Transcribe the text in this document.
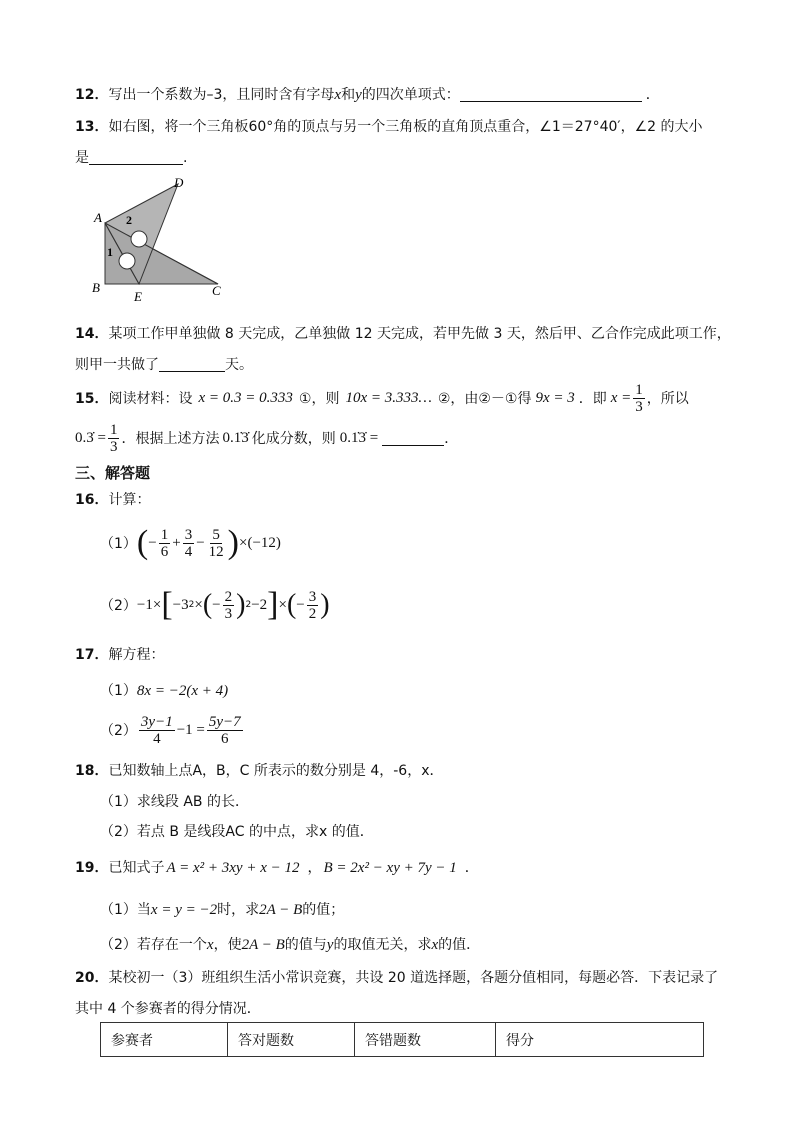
12．写出一个系数为–3，且同时含有字母x和y的四次单项式：	．
13．如右图，将一个三角板60°角的顶点与另一个三角板的直角顶点重合，∠1＝27°40′，∠2 的大小
是	.
A
B	C
D
E
1
2
14．某项工作甲单独做 8 天完成，乙单独做 12 天完成，若甲先做 3 天，然后甲、乙合作完成此项工作，
则甲一共做了	天。
15． 阅读材料：设 x = 0.3 = 0.333 ①，则 10x = 3.333… ②，由②－①得 9x = 3 ．即 $x = \frac{1}{3}$ ，所以
0.3̇ = $\frac{1}{3}$ ．根据上述方法 0.1̇3̇ 化成分数，则 0.1̇3̇ =	．
三、解答题
16．计算：
（1） ( − $\frac{1}{6} + \frac{3}{4} - \frac{5}{12}$ ) ×(−12)
（2） −1× [ −3 2 × ( − $\frac{2}{3}$ ) 2 −2 ] × ( − $\frac{3}{2}$ )
17．解方程：
（1）8x = −2(x + 4)
$(2) \frac{3y-1}{4} -1 = \frac{5y-7}{6}$
18．已知数轴上点A，B，C 所表示的数分别是 4，-6，x．
（1）求线段 AB 的长．
（2）若点 B 是线段AC 的中点，求x 的值．
19．已知式子 A = x² + 3xy + x − 12 ， B = 2x² − xy + 7y − 1 ．
（1）当x = y = −2时，求2A − B的值；
（2）若存在一个x，使2A − B的值与y的取值无关，求x的值．
20．某校初一（3）班组织生活小常识竞赛，共设 20 道选择题，各题分值相同，每题必答．下表记录了
其中 4 个参赛者的得分情况．
参赛者	答对题数	答错题数	得分
